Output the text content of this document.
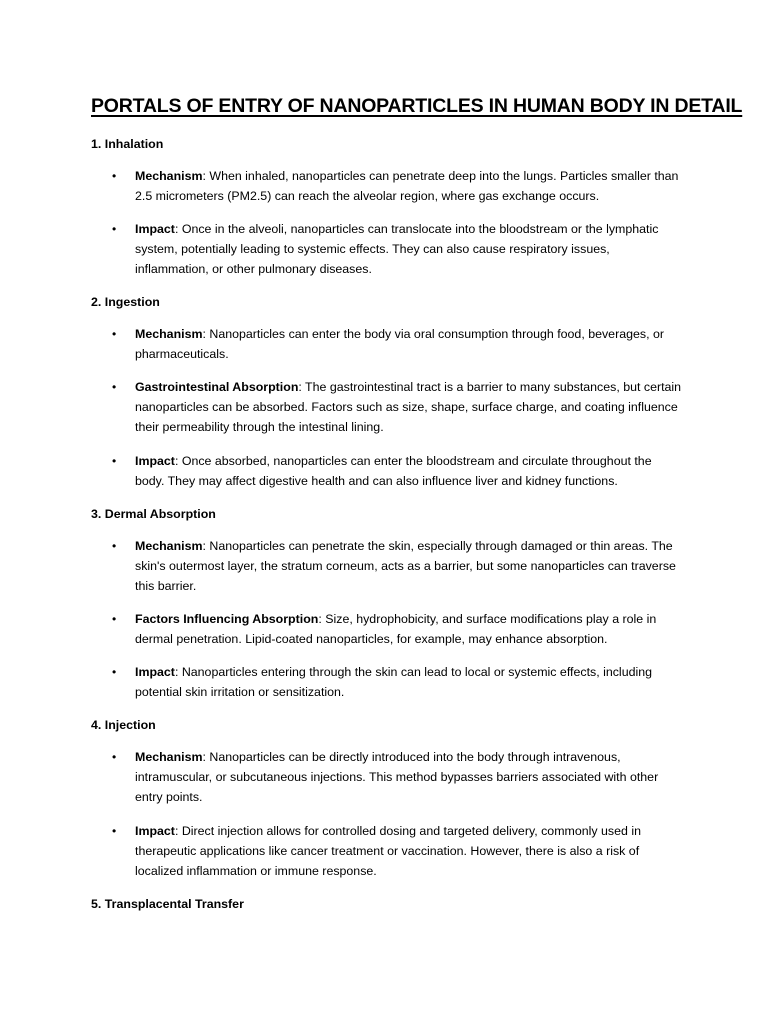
PORTALS OF ENTRY OF NANOPARTICLES IN HUMAN BODY IN DETAIL
1. Inhalation
•	Mechanism: When inhaled, nanoparticles can penetrate deep into the lungs. Particles smaller than 2.5 micrometers (PM2.5) can reach the alveolar region, where gas exchange occurs.

•	Impact: Once in the alveoli, nanoparticles can translocate into the bloodstream or the lymphatic system, potentially leading to systemic effects. They can also cause respiratory issues, inflammation, or other pulmonary diseases.

2. Ingestion
•	Mechanism: Nanoparticles can enter the body via oral consumption through food, beverages, or pharmaceuticals.

•	Gastrointestinal Absorption: The gastrointestinal tract is a barrier to many substances, but certain nanoparticles can be absorbed. Factors such as size, shape, surface charge, and coating influence their permeability through the intestinal lining.

•	Impact: Once absorbed, nanoparticles can enter the bloodstream and circulate throughout the body. They may affect digestive health and can also influence liver and kidney functions.

3. Dermal Absorption
•	Mechanism: Nanoparticles can penetrate the skin, especially through damaged or thin areas. The skin's outermost layer, the stratum corneum, acts as a barrier, but some nanoparticles can traverse this barrier.

•	Factors Influencing Absorption: Size, hydrophobicity, and surface modifications play a role in dermal penetration. Lipid-coated nanoparticles, for example, may enhance absorption.

•	Impact: Nanoparticles entering through the skin can lead to local or systemic effects, including potential skin irritation or sensitization.

4. Injection
•	Mechanism: Nanoparticles can be directly introduced into the body through intravenous, intramuscular, or subcutaneous injections. This method bypasses barriers associated with other entry points.

•	Impact: Direct injection allows for controlled dosing and targeted delivery, commonly used in therapeutic applications like cancer treatment or vaccination. However, there is also a risk of localized inflammation or immune response.

5. Transplacental Transfer
